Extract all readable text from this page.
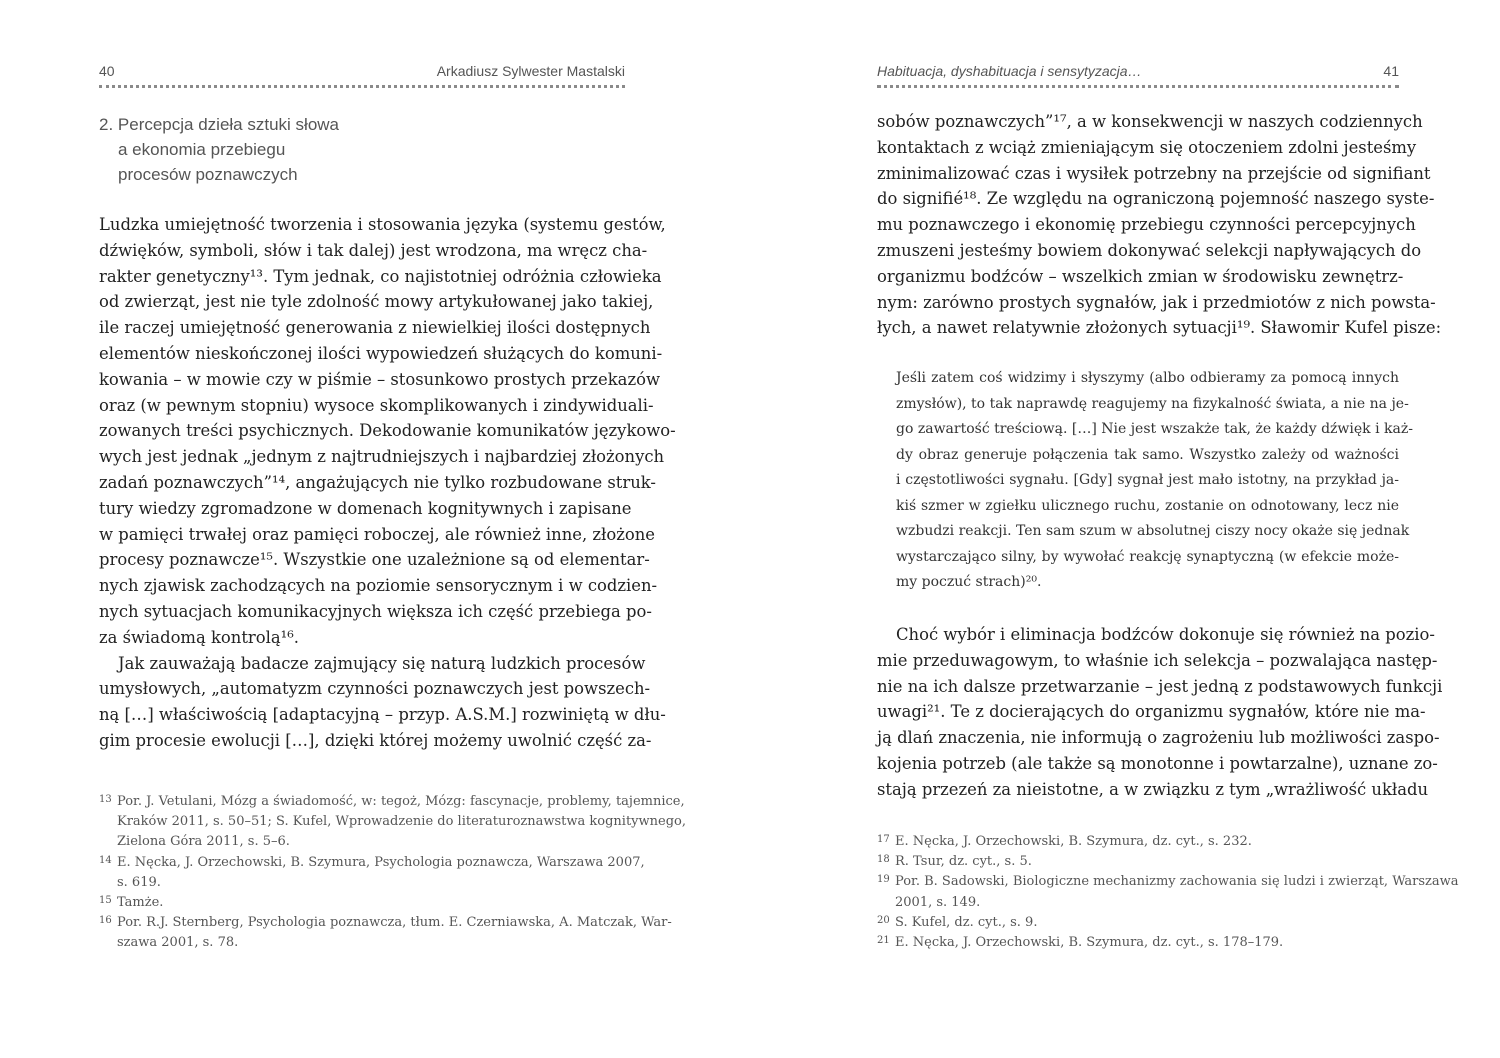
40	Arkadiusz Sylwester Mastalski
2. Percepcja dzieła sztuki słowa
a ekonomia przebiegu
procesów poznawczych
Ludzka umiejętność tworzenia i stosowania języka (systemu gestów,
dźwięków, symboli, słów i tak dalej) jest wrodzona, ma wręcz cha-
rakter genetyczny¹³. Tym jednak, co najistotniej odróżnia człowieka
od zwierząt, jest nie tyle zdolność mowy artykułowanej jako takiej,
ile raczej umiejętność generowania z niewielkiej ilości dostępnych
elementów nieskończonej ilości wypowiedzeń służących do komuni-
kowania – w mowie czy w piśmie – stosunkowo prostych przekazów
oraz (w pewnym stopniu) wysoce skomplikowanych i zindywiduali-
zowanych treści psychicznych. Dekodowanie komunikatów językowo-
wych jest jednak „jednym z najtrudniejszych i najbardziej złożonych
zadań poznawczych”¹⁴, angażujących nie tylko rozbudowane struk-
tury wiedzy zgromadzone w domenach kognitywnych i zapisane
w pamięci trwałej oraz pamięci roboczej, ale również inne, złożone
procesy poznawcze¹⁵. Wszystkie one uzależnione są od elementar-
nych zjawisk zachodzących na poziomie sensorycznym i w codzien-
nych sytuacjach komunikacyjnych większa ich część przebiega po-
za świadomą kontrolą¹⁶.
Jak zauważają badacze zajmujący się naturą ludzkich procesów
umysłowych, „automatyzm czynności poznawczych jest powszech-
ną […] właściwością [adaptacyjną – przyp. A.S.M.] rozwiniętą w dłu-
gim procesie ewolucji […], dzięki której możemy uwolnić część za-
13 Por. J. Vetulani, Mózg a świadomość, w: tegoż, Mózg: fascynacje, problemy, tajemnice,
Kraków 2011, s. 50–51; S. Kufel, Wprowadzenie do literaturoznawstwa kognitywnego,
Zielona Góra 2011, s. 5–6.
14 E. Nęcka, J. Orzechowski, B. Szymura, Psychologia poznawcza, Warszawa 2007,
s. 619.
15 Tamże.
16 Por. R.J. Sternberg, Psychologia poznawcza, tłum. E. Czerniawska, A. Matczak, War-
szawa 2001, s. 78.
Habituacja, dyshabituacja i sensytyzacja…	41
sobów poznawczych”¹⁷, a w konsekwencji w naszych codziennych
kontaktach z wciąż zmieniającym się otoczeniem zdolni jesteśmy
zminimalizować czas i wysiłek potrzebny na przejście od signifiant
do signifié¹⁸. Ze względu na ograniczoną pojemność naszego syste-
mu poznawczego i ekonomię przebiegu czynności percepcyjnych
zmuszeni jesteśmy bowiem dokonywać selekcji napływających do
organizmu bodźców – wszelkich zmian w środowisku zewnętrz-
nym: zarówno prostych sygnałów, jak i przedmiotów z nich powsta-
łych, a nawet relatywnie złożonych sytuacji¹⁹. Sławomir Kufel pisze:
Jeśli zatem coś widzimy i słyszymy (albo odbieramy za pomocą innych
zmysłów), to tak naprawdę reagujemy na fizykalność świata, a nie na je-
go zawartość treściową. […] Nie jest wszakże tak, że każdy dźwięk i każ-
dy obraz generuje połączenia tak samo. Wszystko zależy od ważności
i częstotliwości sygnału. [Gdy] sygnał jest mało istotny, na przykład ja-
kiś szmer w zgiełku ulicznego ruchu, zostanie on odnotowany, lecz nie
wzbudzi reakcji. Ten sam szum w absolutnej ciszy nocy okaże się jednak
wystarczająco silny, by wywołać reakcję synaptyczną (w efekcie może-
my poczuć strach)²⁰.
Choć wybór i eliminacja bodźców dokonuje się również na pozio-
mie przeduwagowym, to właśnie ich selekcja – pozwalająca następ-
nie na ich dalsze przetwarzanie – jest jedną z podstawowych funkcji
uwagi²¹. Te z docierających do organizmu sygnałów, które nie ma-
ją dlań znaczenia, nie informują o zagrożeniu lub możliwości zaspo-
kojenia potrzeb (ale także są monotonne i powtarzalne), uznane zo-
stają przezeń za nieistotne, a w związku z tym „wrażliwość układu
17 E. Nęcka, J. Orzechowski, B. Szymura, dz. cyt., s. 232.
18 R. Tsur, dz. cyt., s. 5.
19 Por. B. Sadowski, Biologiczne mechanizmy zachowania się ludzi i zwierząt, Warszawa
2001, s. 149.
20 S. Kufel, dz. cyt., s. 9.
21 E. Nęcka, J. Orzechowski, B. Szymura, dz. cyt., s. 178–179.
